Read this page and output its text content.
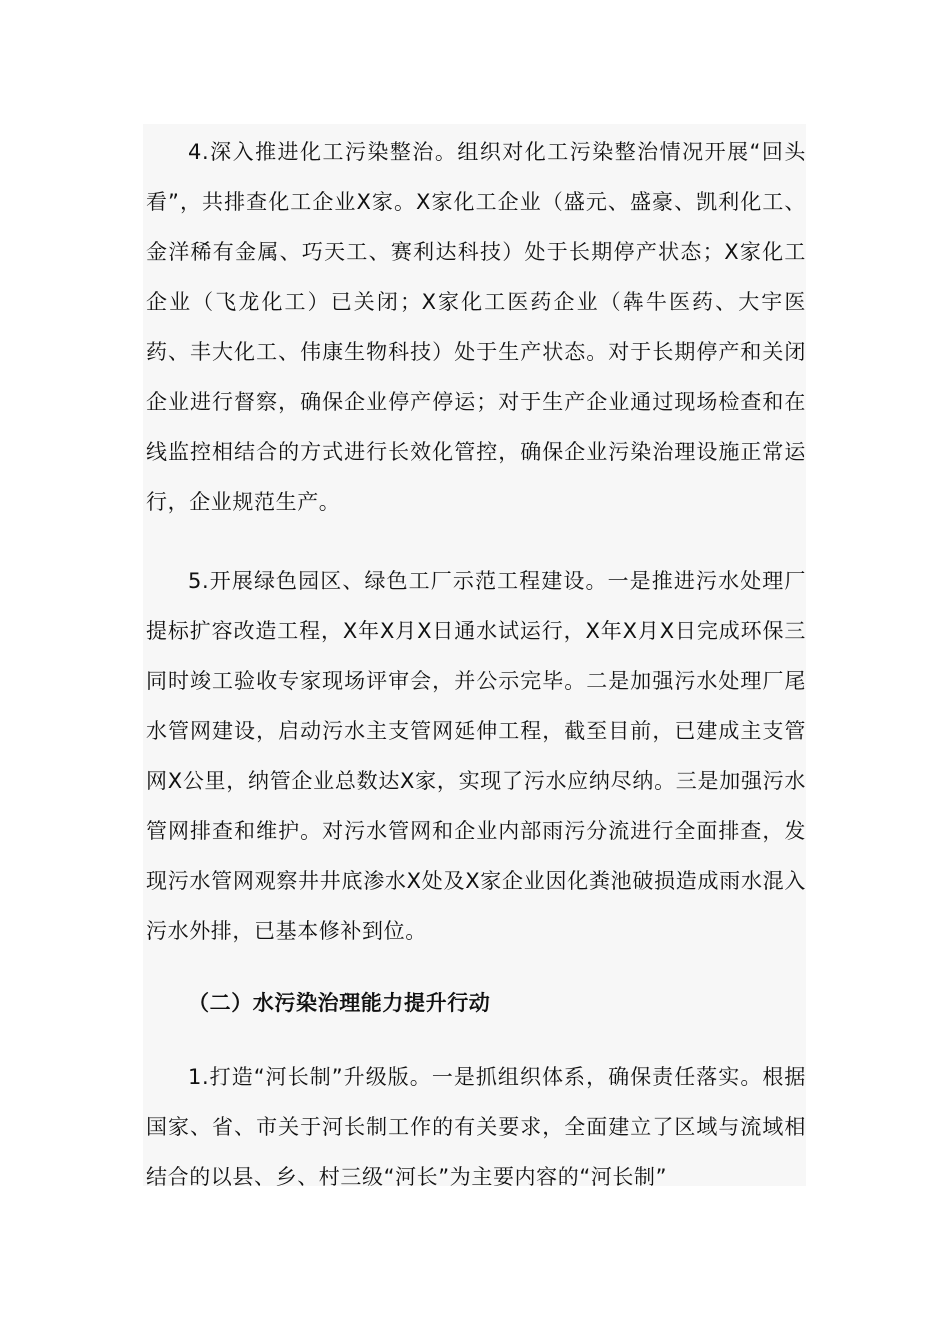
4.深入推进化工污染整治。组织对化工污染整治情况开展“回头看”，共排查化工企业X家。X家化工企业（盛元、盛豪、凯利化工、金洋稀有金属、巧天工、赛利达科技）处于长期停产状态；X家化工企业（飞龙化工）已关闭；X家化工医药企业（犇牛医药、大宇医药、丰大化工、伟康生物科技）处于生产状态。对于长期停产和关闭企业进行督察，确保企业停产停运；对于生产企业通过现场检查和在线监控相结合的方式进行长效化管控，确保企业污染治理设施正常运行，企业规范生产。

5.开展绿色园区、绿色工厂示范工程建设。一是推进污水处理厂提标扩容改造工程，X年X月X日通水试运行，X年X月X日完成环保三同时竣工验收专家现场评审会，并公示完毕。二是加强污水处理厂尾水管网建设，启动污水主支管网延伸工程，截至目前，已建成主支管网X公里，纳管企业总数达X家，实现了污水应纳尽纳。三是加强污水管网排查和维护。对污水管网和企业内部雨污分流进行全面排查，发现污水管网观察井井底渗水X处及X家企业因化粪池破损造成雨水混入污水外排，已基本修补到位。

（二）水污染治理能力提升行动

1.打造“河长制”升级版。一是抓组织体系，确保责任落实。根据国家、省、市关于河长制工作的有关要求，全面建立了区域与流域相结合的以县、乡、村三级“河长”为主要内容的“河长制”
